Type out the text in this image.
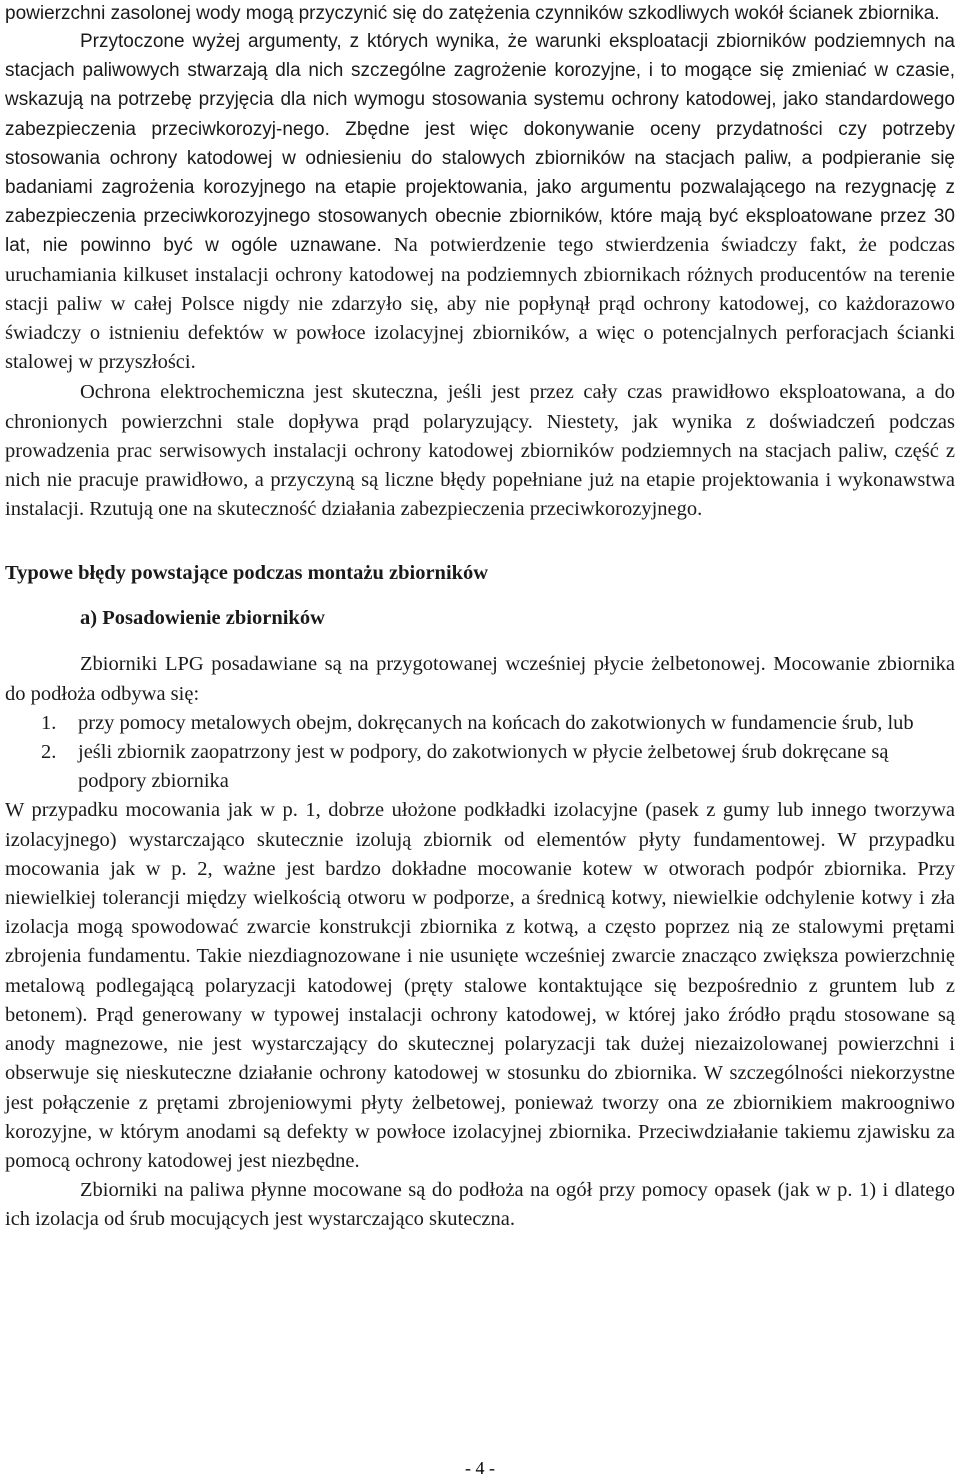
powierzchni zasolonej wody mogą przyczynić się do zatężenia czynników szkodliwych wokół ścianek zbiornika.

Przytoczone wyżej argumenty, z których wynika, że warunki eksploatacji zbiorników podziemnych na stacjach paliwowych stwarzają dla nich szczególne zagrożenie korozyjne, i to mogące się zmieniać w czasie, wskazują na potrzebę przyjęcia dla nich wymogu stosowania systemu ochrony katodowej, jako standardowego zabezpieczenia przeciwkorozyj-nego. Zbędne jest więc dokonywanie oceny przydatności czy potrzeby stosowania ochrony katodowej w odniesieniu do stalowych zbiorników na stacjach paliw, a podpieranie się badaniami zagrożenia korozyjnego na etapie projektowania, jako argumentu pozwalającego na rezygnację z zabezpieczenia przeciwkorozyjnego stosowanych obecnie zbiorników, które mają być eksploatowane przez 30 lat, nie powinno być w ogóle uznawane. Na potwierdzenie tego stwierdzenia świadczy fakt, że podczas uruchamiania kilkuset instalacji ochrony katodowej na podziemnych zbiornikach różnych producentów na terenie stacji paliw w całej Polsce nigdy nie zdarzyło się, aby nie popłynął prąd ochrony katodowej, co każdorazowo świadczy o istnieniu defektów w powłoce izolacyjnej zbiorników, a więc o potencjalnych perforacjach ścianki stalowej w przyszłości.

Ochrona elektrochemiczna jest skuteczna, jeśli jest przez cały czas prawidłowo eksploatowana, a do chronionych powierzchni stale dopływa prąd polaryzujący. Niestety, jak wynika z doświadczeń podczas prowadzenia prac serwisowych instalacji ochrony katodowej zbiorników podziemnych na stacjach paliw, część z nich nie pracuje prawidłowo, a przyczyną są liczne błędy popełniane już na etapie projektowania i wykonawstwa instalacji. Rzutują one na skuteczność działania zabezpieczenia przeciwkorozyjnego.

Typowe błędy powstające podczas montażu zbiorników
a) Posadowienie zbiorników

Zbiorniki LPG posadawiane są na przygotowanej wcześniej płycie żelbetonowej. Mocowanie zbiornika do podłoża odbywa się:

1. przy pomocy metalowych obejm, dokręcanych na końcach do zakotwionych w fundamencie śrub, lub
2. jeśli zbiornik zaopatrzony jest w podpory, do zakotwionych w płycie żelbetowej śrub dokręcane są podpory zbiornika

W przypadku mocowania jak w p. 1, dobrze ułożone podkładki izolacyjne (pasek z gumy lub innego tworzywa izolacyjnego) wystarczająco skutecznie izolują zbiornik od elementów płyty fundamentowej. W przypadku mocowania jak w p. 2, ważne jest bardzo dokładne mocowanie kotew w otworach podpór zbiornika. Przy niewielkiej tolerancji między wielkością otworu w podporze, a średnicą kotwy, niewielkie odchylenie kotwy i zła izolacja mogą spowodować zwarcie konstrukcji zbiornika z kotwą, a często poprzez nią ze stalowymi prętami zbrojenia fundamentu. Takie niezdiagnozowane i nie usunięte wcześniej zwarcie znacząco zwiększa powierzchnię metalową podlegającą polaryzacji katodowej (pręty stalowe kontaktujące się bezpośrednio z gruntem lub z betonem). Prąd generowany w typowej instalacji ochrony katodowej, w której jako źródło prądu stosowane są anody magnezowe, nie jest wystarczający do skutecznej polaryzacji tak dużej niezaizolowanej powierzchni i obserwuje się nieskuteczne działanie ochrony katodowej w stosunku do zbiornika. W szczególności niekorzystne jest połączenie z prętami zbrojeniowymi płyty żelbetowej, ponieważ tworzy ona ze zbiornikiem makroogniwo korozyjne, w którym anodami są defekty w powłoce izolacyjnej zbiornika. Przeciwdziałanie takiemu zjawisku za pomocą ochrony katodowej jest niezbędne.

Zbiorniki na paliwa płynne mocowane są do podłoża na ogół przy pomocy opasek (jak w p. 1) i dlatego ich izolacja od śrub mocujących jest wystarczająco skuteczna.

- 4 -
